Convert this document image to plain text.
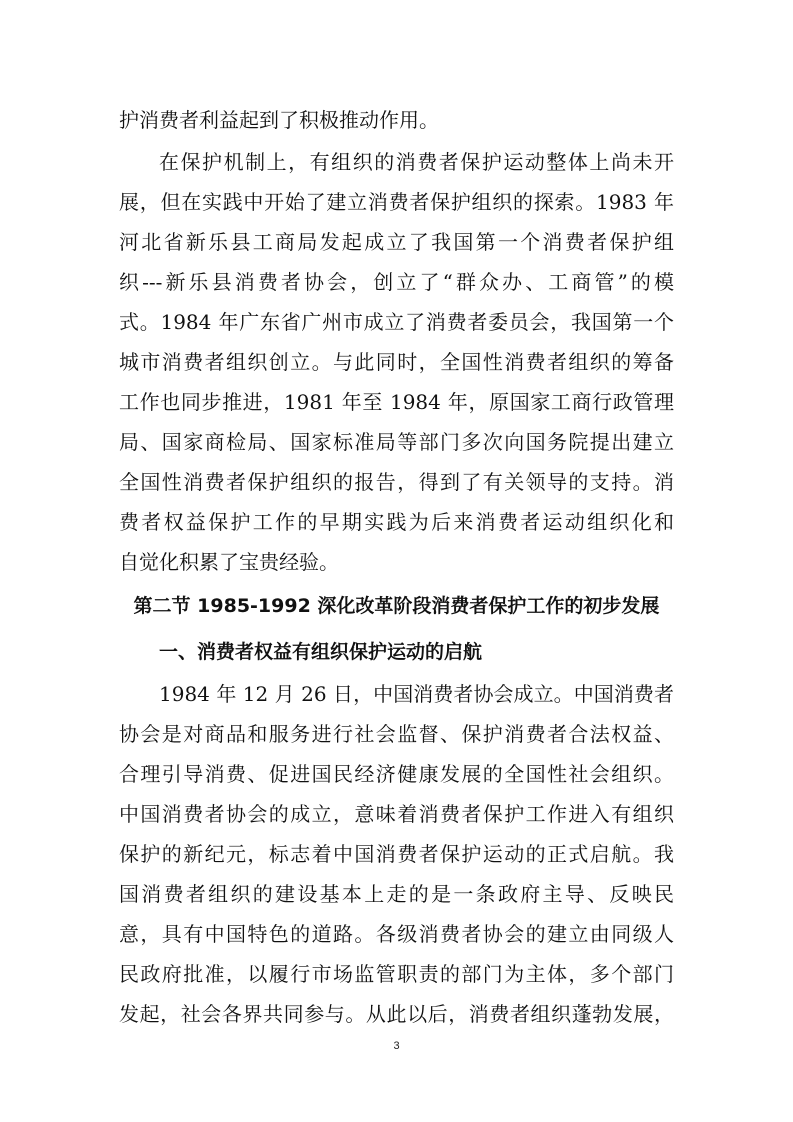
护消费者利益起到了积极推动作用。
在保护机制上，有组织的消费者保护运动整体上尚未开
展，但在实践中开始了建立消费者保护组织的探索。1983 年
河北省新乐县工商局发起成立了我国第一个消费者保护组
织---新乐县消费者协会，创立了“群众办、工商管”的模
式。1984 年广东省广州市成立了消费者委员会，我国第一个
城市消费者组织创立。与此同时，全国性消费者组织的筹备
工作也同步推进，1981 年至 1984 年，原国家工商行政管理
局、国家商检局、国家标准局等部门多次向国务院提出建立
全国性消费者保护组织的报告，得到了有关领导的支持。消
费者权益保护工作的早期实践为后来消费者运动组织化和
自觉化积累了宝贵经验。
第二节 1985-1992 深化改革阶段消费者保护工作的初步发展
一、消费者权益有组织保护运动的启航
1984 年 12 月 26 日，中国消费者协会成立。中国消费者
协会是对商品和服务进行社会监督、保护消费者合法权益、
合理引导消费、促进国民经济健康发展的全国性社会组织。
中国消费者协会的成立，意味着消费者保护工作进入有组织
保护的新纪元，标志着中国消费者保护运动的正式启航。我
国消费者组织的建设基本上走的是一条政府主导、反映民
意，具有中国特色的道路。各级消费者协会的建立由同级人
民政府批准，以履行市场监管职责的部门为主体，多个部门
发起，社会各界共同参与。从此以后，消费者组织蓬勃发展，
3
